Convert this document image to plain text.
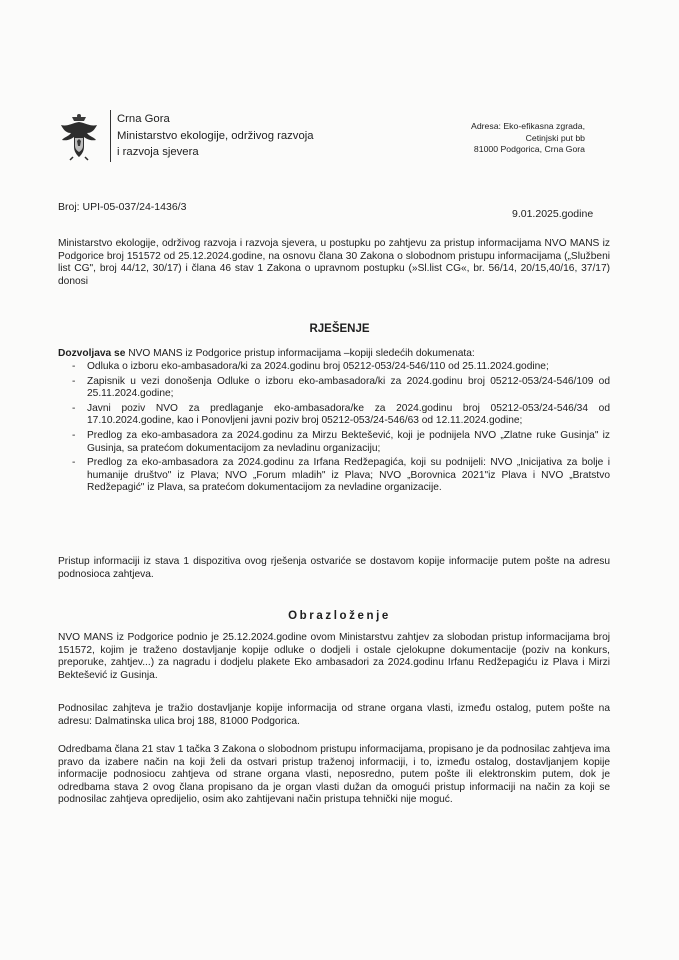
Crna Gora
Ministarstvo ekologije, održivog razvoja
i razvoja sjevera
Adresa: Eko-efikasna zgrada,
Cetinjski put bb
81000 Podgorica, Crna Gora
Broj: UPI-05-037/24-1436/3
9.01.2025.godine
Ministarstvo ekologije, održivog razvoja i razvoja sjevera, u postupku po zahtjevu za pristup informacijama NVO MANS iz Podgorice broj 151572 od 25.12.2024.godine, na osnovu člana 30 Zakona o slobodnom pristupu informacijama („Službeni list CG", broj 44/12, 30/17) i člana 46 stav 1 Zakona o upravnom postupku (»Sl.list CG«, br. 56/14, 20/15,40/16, 37/17) donosi
RJEŠENJE
Dozvoljava se NVO MANS iz Podgorice pristup informacijama –kopiji sledećih dokumenata:
- Odluka o izboru eko-ambasadora/ki za 2024.godinu broj 05212-053/24-546/110 od 25.11.2024.godine;
- Zapisnik u vezi donošenja Odluke o izboru eko-ambasadora/ki za 2024.godinu broj 05212-053/24-546/109 od 25.11.2024.godine;
- Javni poziv NVO za predlaganje eko-ambasadora/ke za 2024.godinu broj 05212-053/24-546/34 od 17.10.2024.godine, kao i Ponovljeni javni poziv broj 05212-053/24-546/63 od 12.11.2024.godine;
- Predlog za eko-ambasadora za 2024.godinu za Mirzu Bektešević, koji je podnijela NVO „Zlatne ruke Gusinja" iz Gusinja, sa pratećom dokumentacijom za nevladinu organizaciju;
- Predlog za eko-ambasadora za 2024.godinu za Irfana Redžepagića, koji su podnijeli: NVO „Inicijativa za bolje i humanije društvo" iz Plava; NVO „Forum mladih" iz Plava; NVO „Borovnica 2021"iz Plava i NVO „Bratstvo Redžepagić" iz Plava, sa pratećom dokumentacijom za nevladine organizacije.
Pristup informaciji iz stava 1 dispozitiva ovog rješenja ostvariće se dostavom kopije informacije putem pošte na adresu podnosioca zahtjeva.
Obrazloženje
NVO MANS iz Podgorice podnio je 25.12.2024.godine ovom Ministarstvu zahtjev za slobodan pristup informacijama broj 151572, kojim je traženo dostavljanje kopije odluke o dodjeli i ostale cjelokupne dokumentacije (poziv na konkurs, preporuke, zahtjev...) za nagradu i dodjelu plakete Eko ambasadori za 2024.godinu Irfanu Redžepagiću iz Plava i Mirzi Bektešević iz Gusinja.
Podnosilac zahjteva je tražio dostavljanje kopije informacija od strane organa vlasti, između ostalog, putem pošte na adresu: Dalmatinska ulica broj 188, 81000 Podgorica.
Odredbama člana 21 stav 1 tačka 3 Zakona o slobodnom pristupu informacijama, propisano je da podnosilac zahtjeva ima pravo da izabere način na koji želi da ostvari pristup traženoj informaciji, i to, između ostalog, dostavljanjem kopije informacije podnosiocu zahtjeva od strane organa vlasti, neposredno, putem pošte ili elektronskim putem, dok je odredbama stava 2 ovog člana propisano da je organ vlasti dužan da omogući pristup informaciji na način za koji se podnosilac zahtjeva opredijelio, osim ako zahtijevani način pristupa tehnički nije moguć.
